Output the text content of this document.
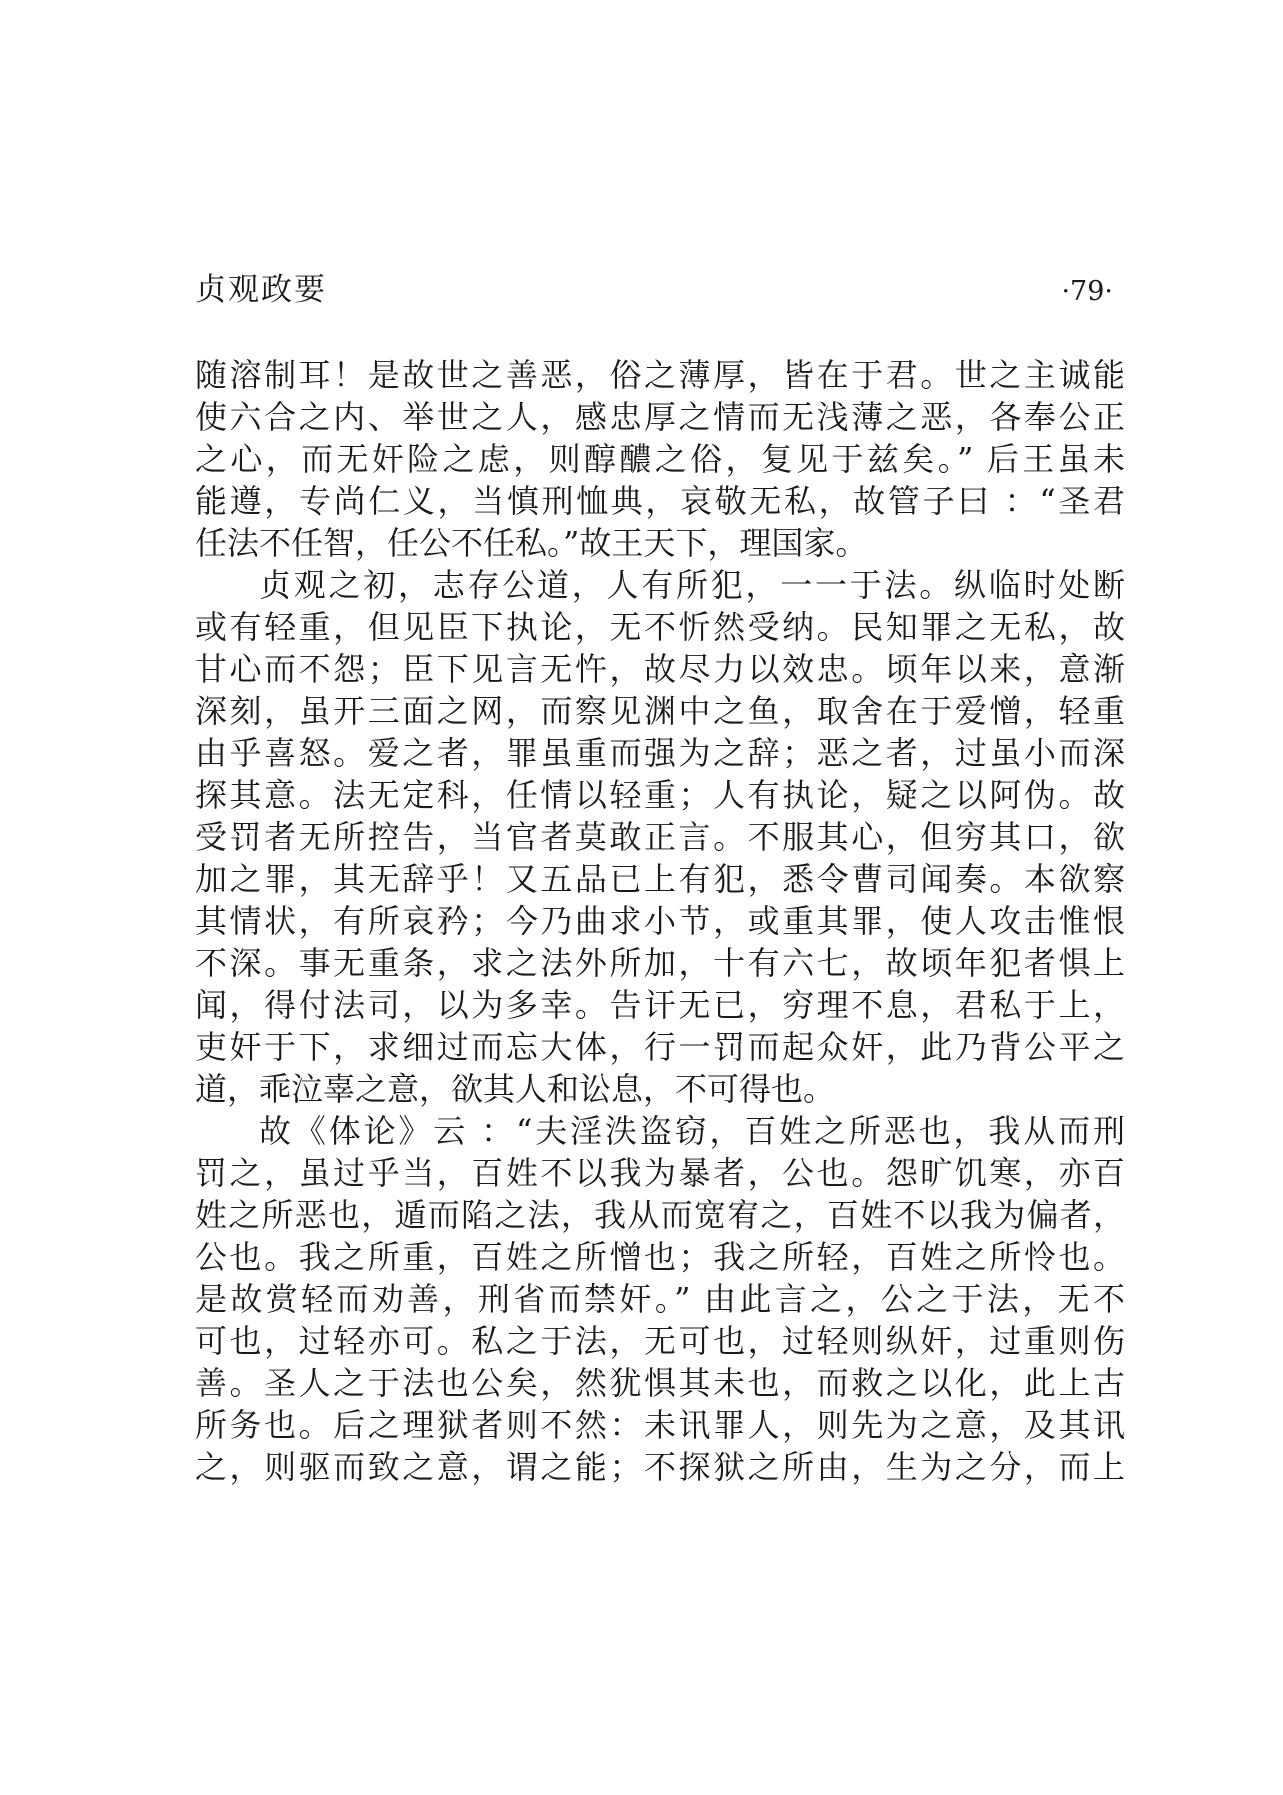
贞观政要	·79·
随溶制耳！是故世之善恶，俗之薄厚，皆在于君。世之主诚能
使六合之内、举世之人，感忠厚之情而无浅薄之恶，各奉公正
之心，而无奸险之虑，则醇醲之俗，复见于兹矣。” 后王虽未
能遵，专尚仁义，当慎刑恤典，哀敬无私，故管子曰 ：“圣君
任法不任智，任公不任私。”故王天下，理国家。
贞观之初，志存公道，人有所犯，一一于法。纵临时处断
或有轻重，但见臣下执论，无不忻然受纳。民知罪之无私，故
甘心而不怨；臣下见言无忤，故尽力以效忠。顷年以来，意渐
深刻，虽开三面之网，而察见渊中之鱼，取舍在于爱憎，轻重
由乎喜怒。爱之者，罪虽重而强为之辞；恶之者，过虽小而深
探其意。法无定科，任情以轻重；人有执论，疑之以阿伪。故
受罚者无所控告，当官者莫敢正言。不服其心，但穷其口，欲
加之罪，其无辞乎！又五品已上有犯，悉令曹司闻奏。本欲察
其情状，有所哀矜；今乃曲求小节，或重其罪，使人攻击惟恨
不深。事无重条，求之法外所加，十有六七，故顷年犯者惧上
闻，得付法司，以为多幸。告讦无已，穷理不息，君私于上，
吏奸于下，求细过而忘大体，行一罚而起众奸，此乃背公平之
道，乖泣辜之意，欲其人和讼息，不可得也。
故《体论》云 ：“夫淫泆盗窃，百姓之所恶也，我从而刑
罚之，虽过乎当，百姓不以我为暴者，公也。怨旷饥寒，亦百
姓之所恶也，遁而陷之法，我从而宽宥之，百姓不以我为偏者，
公也。我之所重，百姓之所憎也；我之所轻，百姓之所怜也。
是故赏轻而劝善，刑省而禁奸。” 由此言之，公之于法，无不
可也，过轻亦可。私之于法，无可也，过轻则纵奸，过重则伤
善。圣人之于法也公矣，然犹惧其未也，而救之以化，此上古
所务也。后之理狱者则不然：未讯罪人，则先为之意，及其讯
之，则驱而致之意，谓之能；不探狱之所由，生为之分，而上
